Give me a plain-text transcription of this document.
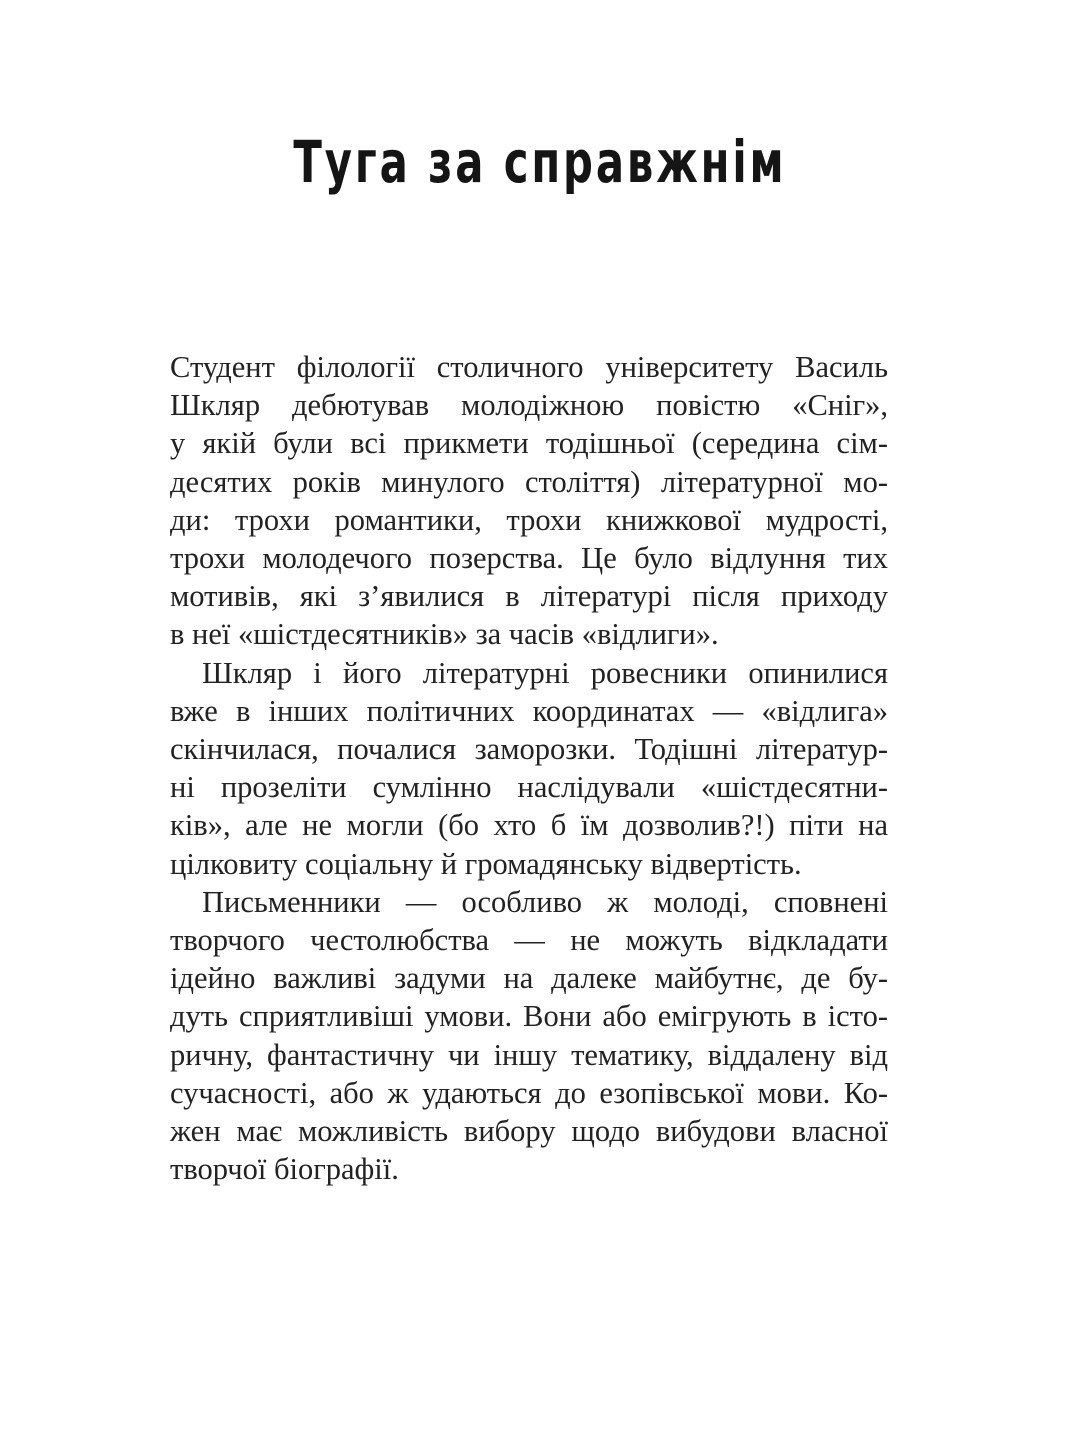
Туга за справжнім

Студент філології столичного університету Василь

Шкляр дебютував молодіжною повістю «Сніг»,

у якій були всі прикмети тодішньої (середина сім-

десятих років минулого століття) літературної мо-

ди: трохи романтики, трохи книжкової мудрості,

трохи молодечого позерства. Це було відлуння тих

мотивів, які з’явилися в літературі після приходу

в неї «шістдесятників» за часів «відлиги».

Шкляр і його літературні ровесники опинилися

вже в інших політичних координатах — «відлига»

скінчилася, почалися заморозки. Тодішні літератур-

ні прозеліти сумлінно наслідували «шістдесятни-

ків», але не могли (бо хто б їм дозволив?!) піти на

цілковиту соціальну й громадянську відвертість.

Письменники — особливо ж молоді, сповнені

творчого честолюбства — не можуть відкладати

ідейно важливі задуми на далеке майбутнє, де бу-

дуть сприятливіші умови. Вони або емігрують в істо-

ричну, фантастичну чи іншу тематику, віддалену від

сучасності, або ж удаються до езопівської мови. Ко-

жен має можливість вибору щодо вибудови власної

творчої біографії.
